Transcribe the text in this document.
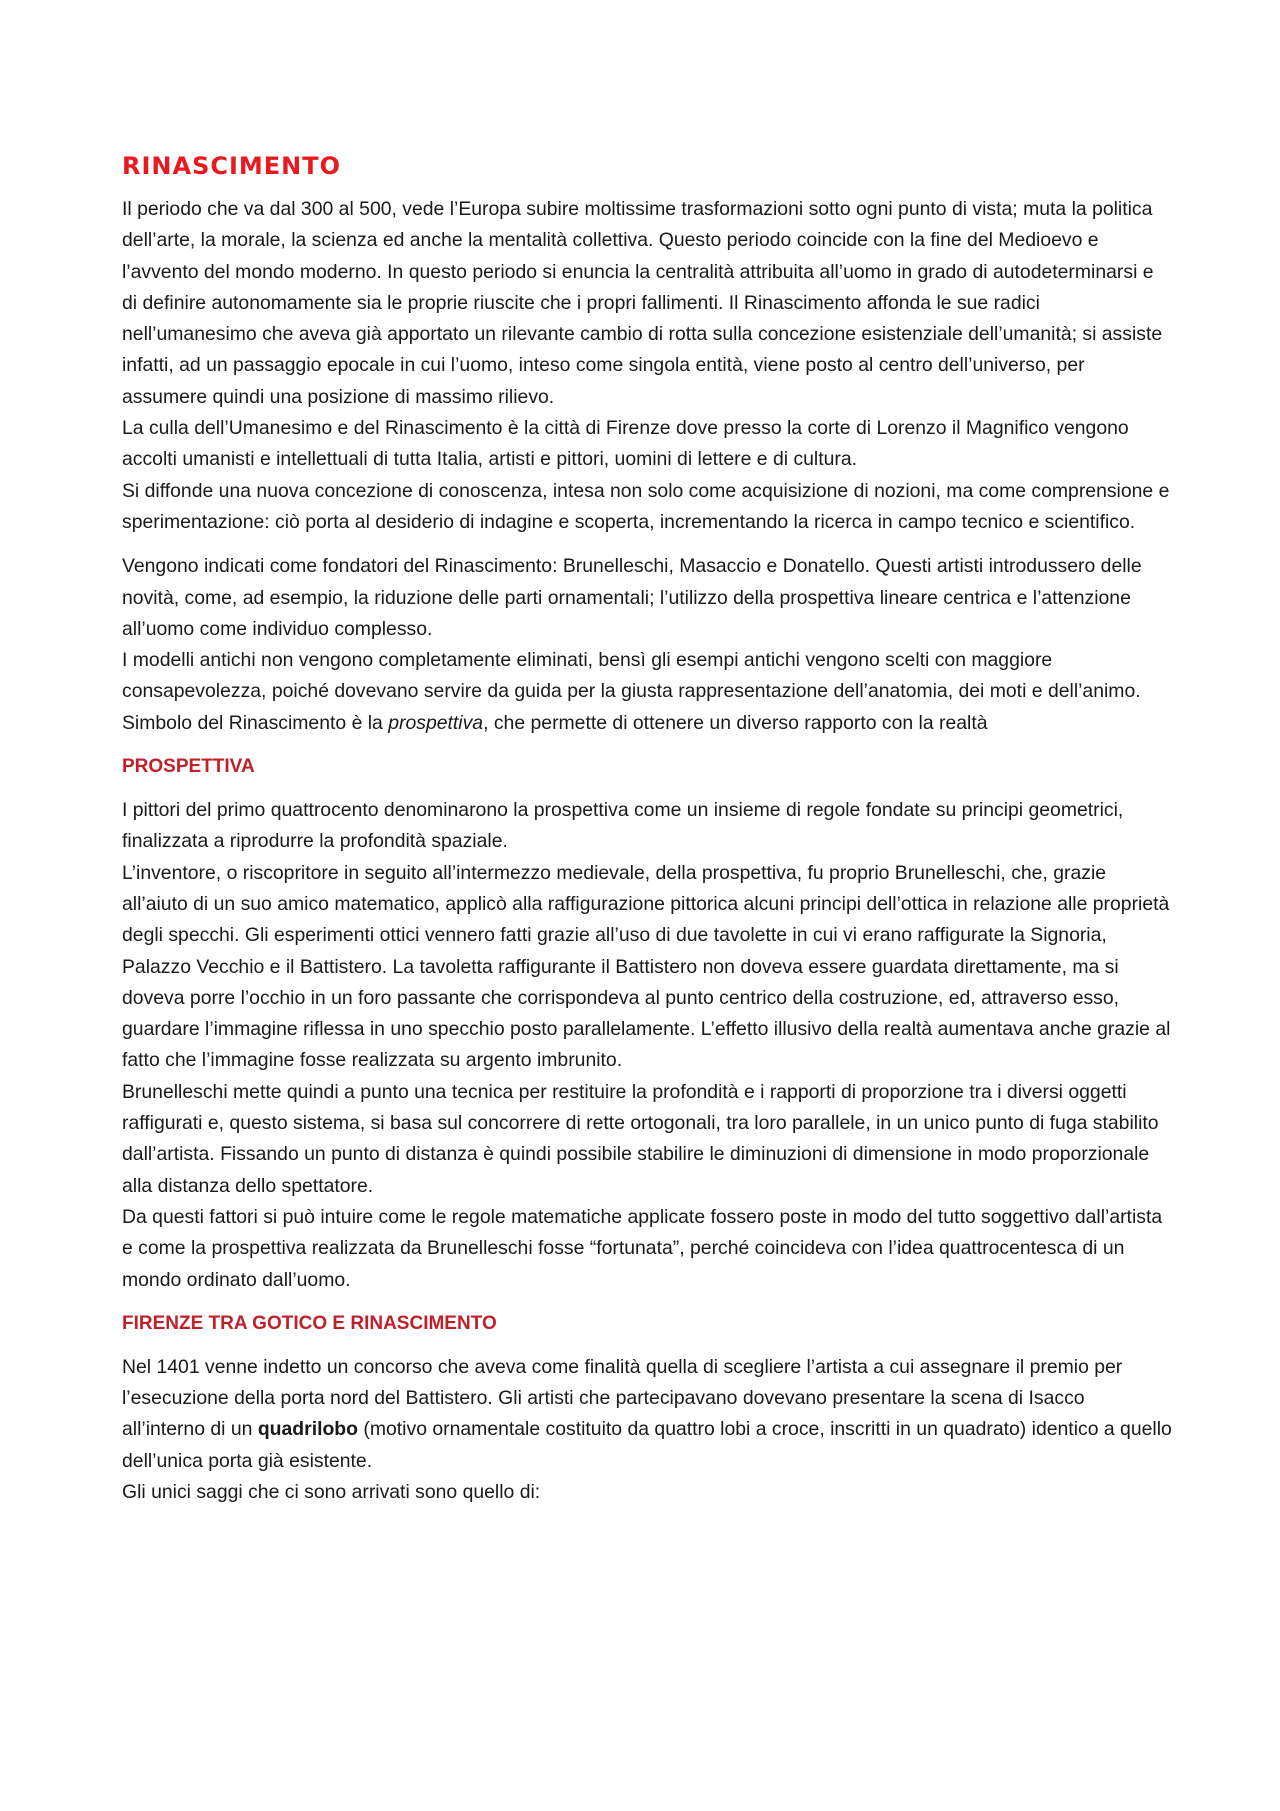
RINASCIMENTO

Il periodo che va dal 300 al 500, vede l’Europa subire moltissime trasformazioni sotto ogni punto di vista; muta la politica dell’arte, la morale, la scienza ed anche la mentalità collettiva. Questo periodo coincide con la fine del Medioevo e l’avvento del mondo moderno. In questo periodo si enuncia la centralità attribuita all’uomo in grado di autodeterminarsi e di definire autonomamente sia le proprie riuscite che i propri fallimenti. Il Rinascimento affonda le sue radici nell’umanesimo che aveva già apportato un rilevante cambio di rotta sulla concezione esistenziale dell’umanità; si assiste infatti, ad un passaggio epocale in cui l’uomo, inteso come singola entità, viene posto al centro dell’universo, per assumere quindi una posizione di massimo rilievo.

La culla dell’Umanesimo e del Rinascimento è la città di Firenze dove presso la corte di Lorenzo il Magnifico vengono accolti umanisti e intellettuali di tutta Italia, artisti e pittori, uomini di lettere e di cultura.

Si diffonde una nuova concezione di conoscenza, intesa non solo come acquisizione di nozioni, ma come comprensione e sperimentazione: ciò porta al desiderio di indagine e scoperta, incrementando la ricerca in campo tecnico e scientifico.

Vengono indicati come fondatori del Rinascimento: Brunelleschi, Masaccio e Donatello. Questi artisti introdussero delle novità, come, ad esempio, la riduzione delle parti ornamentali; l’utilizzo della prospettiva lineare centrica e l’attenzione all’uomo come individuo complesso.

I modelli antichi non vengono completamente eliminati, bensì gli esempi antichi vengono scelti con maggiore consapevolezza, poiché dovevano servire da guida per la giusta rappresentazione dell’anatomia, dei moti e dell’animo. Simbolo del Rinascimento è la prospettiva, che permette di ottenere un diverso rapporto con la realtà

PROSPETTIVA

I pittori del primo quattrocento denominarono la prospettiva come un insieme di regole fondate su principi geometrici, finalizzata a riprodurre la profondità spaziale.

L’inventore, o riscopritore in seguito all’intermezzo medievale, della prospettiva, fu proprio Brunelleschi, che, grazie all’aiuto di un suo amico matematico, applicò alla raffigurazione pittorica alcuni principi dell’ottica in relazione alle proprietà degli specchi. Gli esperimenti ottici vennero fatti grazie all’uso di due tavolette in cui vi erano raffigurate la Signoria, Palazzo Vecchio e il Battistero. La tavoletta raffigurante il Battistero non doveva essere guardata direttamente, ma si doveva porre l’occhio in un foro passante che corrispondeva al punto centrico della costruzione, ed, attraverso esso, guardare l’immagine riflessa in uno specchio posto parallelamente. L’effetto illusivo della realtà aumentava anche grazie al fatto che l’immagine fosse realizzata su argento imbrunito.

Brunelleschi mette quindi a punto una tecnica per restituire la profondità e i rapporti di proporzione tra i diversi oggetti raffigurati e, questo sistema, si basa sul concorrere di rette ortogonali, tra loro parallele, in un unico punto di fuga stabilito dall’artista. Fissando un punto di distanza è quindi possibile stabilire le diminuzioni di dimensione in modo proporzionale alla distanza dello spettatore.

Da questi fattori si può intuire come le regole matematiche applicate fossero poste in modo del tutto soggettivo dall’artista e come la prospettiva realizzata da Brunelleschi fosse “fortunata”, perché coincideva con l’idea quattrocentesca di un mondo ordinato dall’uomo.

FIRENZE TRA GOTICO E RINASCIMENTO

Nel 1401 venne indetto un concorso che aveva come finalità quella di scegliere l’artista a cui assegnare il premio per l’esecuzione della porta nord del Battistero. Gli artisti che partecipavano dovevano presentare la scena di Isacco all’interno di un quadrilobo (motivo ornamentale costituito da quattro lobi a croce, inscritti in un quadrato) identico a quello dell’unica porta già esistente.

Gli unici saggi che ci sono arrivati sono quello di:
